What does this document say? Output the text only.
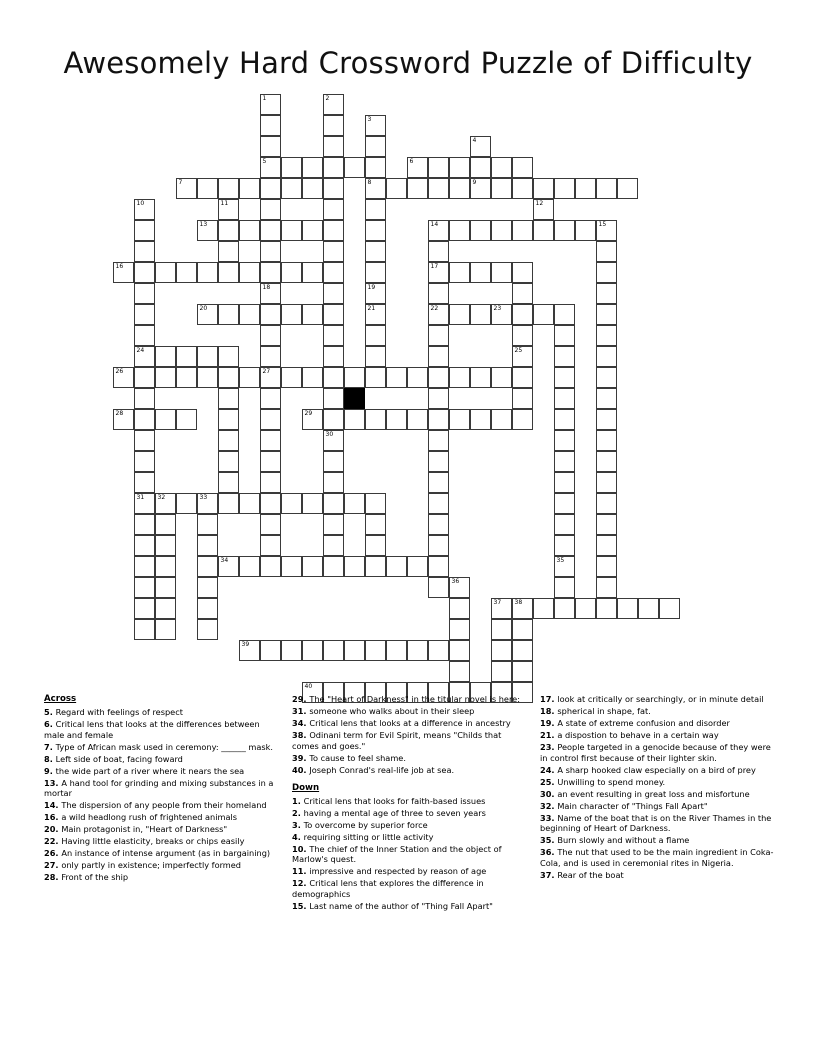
Awesomely Hard Crossword Puzzle of Difficulty
1	2
3
4
5	6
7	8	9
10	11	12
13	14	15
16	17
18	19
20	21	22	23
24	25
26	27
28	29
30
31 32	33
34	35
36
37 38
39
40
Across
5. Regard with feelings of respect
6. Critical lens that looks at the differences between male and female
7. Type of African mask used in ceremony: ______ mask.
8. Left side of boat, facing foward
9. the wide part of a river where it nears the sea
13. A hand tool for grinding and mixing substances in a mortar
14. The dispersion of any people from their homeland
16. a wild headlong rush of frightened animals
20. Main protagonist in, "Heart of Darkness"
22. Having little elasticity, breaks or chips easily
26. An instance of intense argument (as in bargaining)
27. only partly in existence; imperfectly formed
28. Front of the ship
29. The "Heart of Darkness" in the titular novel is here:
31. someone who walks about in their sleep
34. Critical lens that looks at a difference in ancestry
38. Odinani term for Evil Spirit, means "Childs that comes and goes."
39. To cause to feel shame.
40. Joseph Conrad's real-life job at sea.
Down
1. Critical lens that looks for faith-based issues
2. having a mental age of three to seven years
3. To overcome by superior force
4. requiring sitting or little activity
10. The chief of the Inner Station and the object of Marlow's quest.
11. impressive and respected by reason of age
12. Critical lens that explores the difference in demographics
15. Last name of the author of "Thing Fall Apart"
17. look at critically or searchingly, or in minute detail
18. spherical in shape, fat.
19. A state of extreme confusion and disorder
21. a dispostion to behave in a certain way
23. People targeted in a genocide because of they were in control first because of their lighter skin.
24. A sharp hooked claw especially on a bird of prey
25. Unwilling to spend money.
30. an event resulting in great loss and misfortune
32. Main character of "Things Fall Apart"
33. Name of the boat that is on the River Thames in the beginning of Heart of Darkness.
35. Burn slowly and without a flame
36. The nut that used to be the main ingredient in Coka-Cola, and is used in ceremonial rites in Nigeria.
37. Rear of the boat
